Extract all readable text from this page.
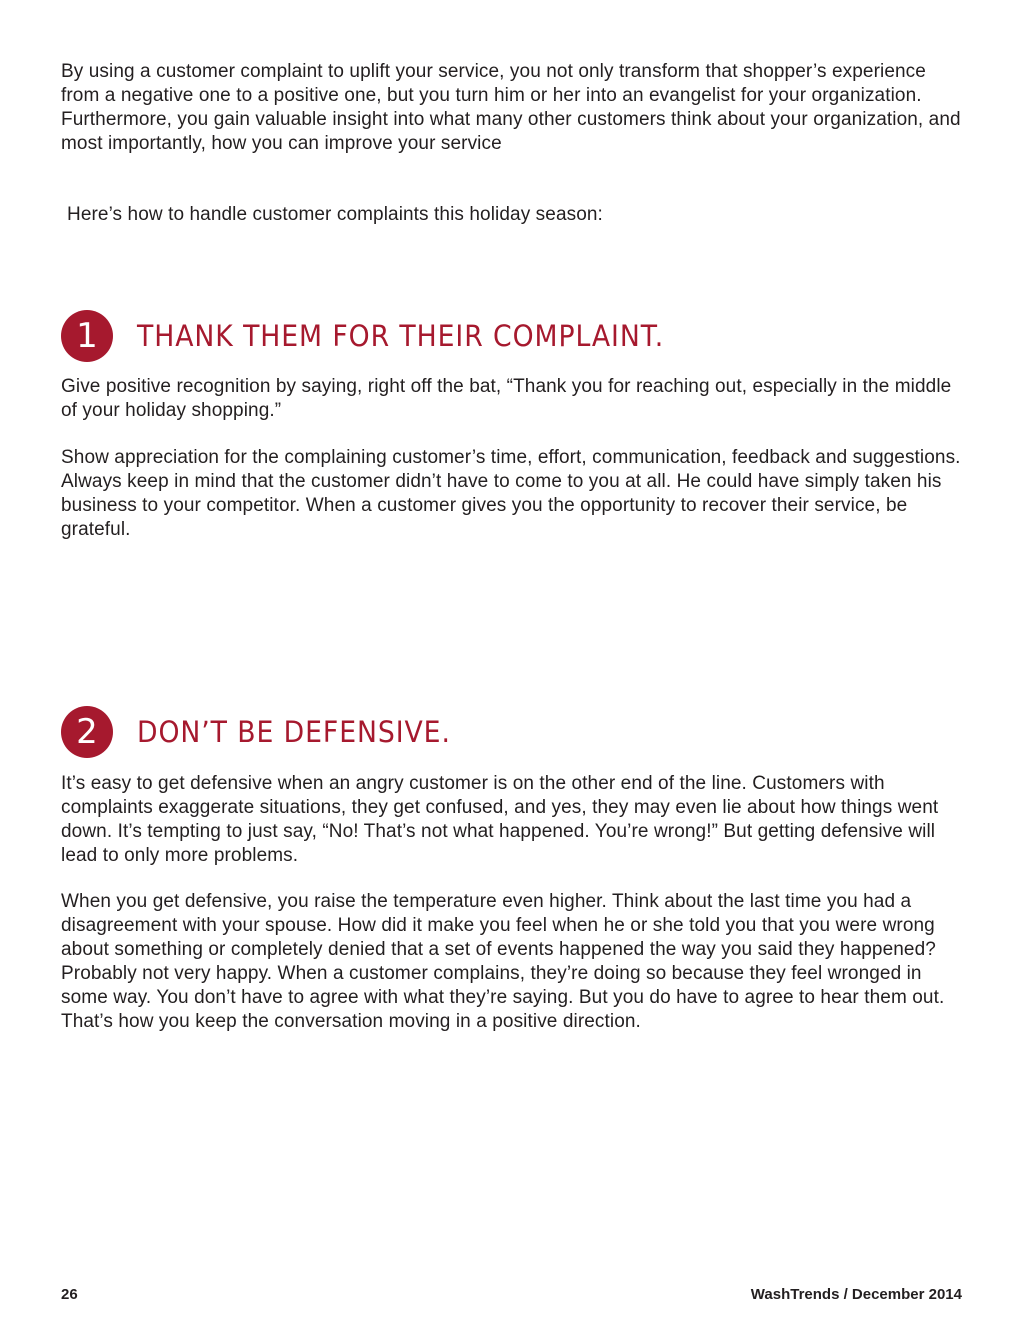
By using a customer complaint to uplift your service, you not only transform that shopper’s experience from a negative one to a positive one, but you turn him or her into an evangelist for your organization. Furthermore, you gain valuable insight into what many other customers think about your organization, and most importantly, how you can improve your service

Here’s how to handle customer complaints this holiday season:

1	THANK THEM FOR THEIR COMPLAINT.

Give positive recognition by saying, right off the bat, “Thank you for reaching out, especially in the middle of your holiday shopping.”

Show appreciation for the complaining customer’s time, effort, communication, feedback and suggestions. Always keep in mind that the customer didn’t have to come to you at all. He could have simply taken his business to your competitor. When a customer gives you the opportunity to recover their service, be grateful.

2	DON’T BE DEFENSIVE.

It’s easy to get defensive when an angry customer is on the other end of the line. Customers with complaints exaggerate situations, they get confused, and yes, they may even lie about how things went down. It’s tempting to just say, “No! That’s not what happened. You’re wrong!” But getting defensive will lead to only more problems.

When you get defensive, you raise the temperature even higher. Think about the last time you had a disagreement with your spouse. How did it make you feel when he or she told you that you were wrong about something or completely denied that a set of events happened the way you said they happened? Probably not very happy. When a customer complains, they’re doing so because they feel wronged in some way. You don’t have to agree with what they’re saying. But you do have to agree to hear them out. That’s how you keep the conversation moving in a positive direction.

26	WashTrends / December 2014
